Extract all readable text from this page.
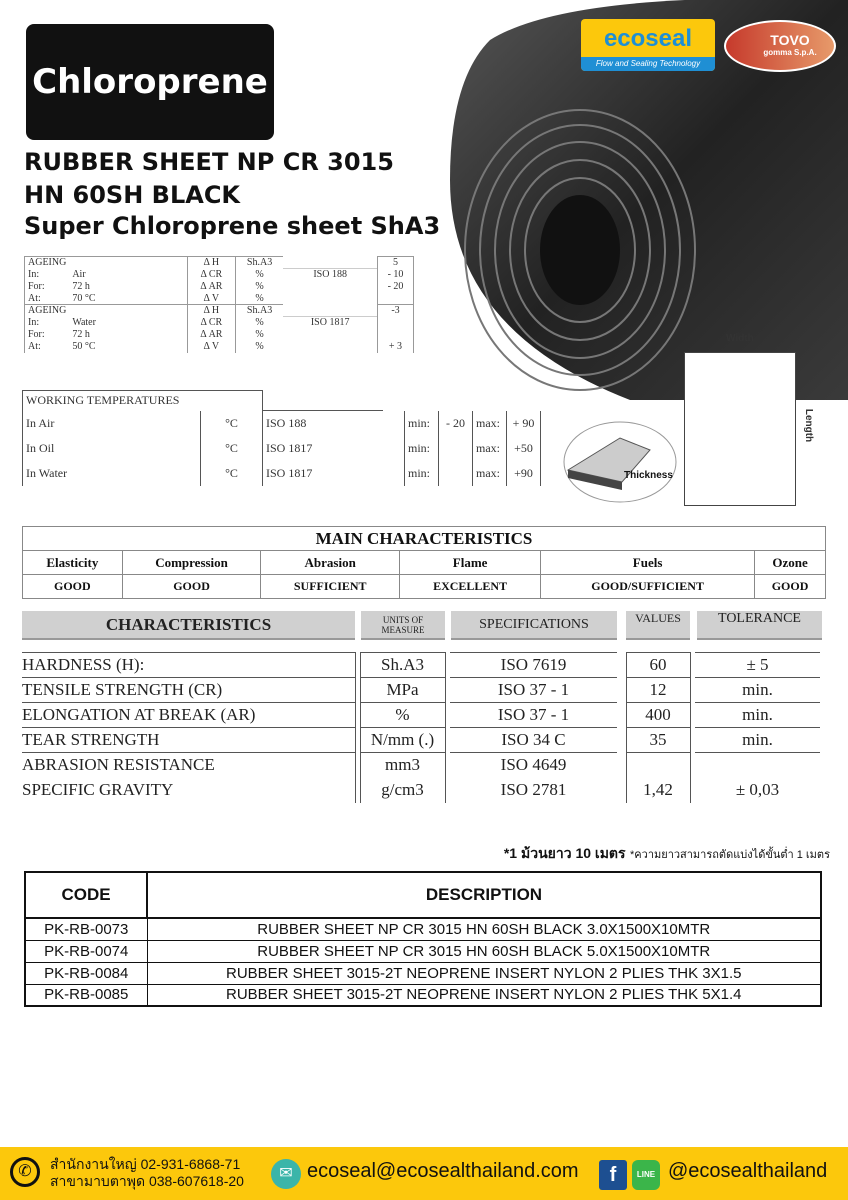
ecoseal
Flow and Sealing Technology
TOVO
gomma S.p.A.
Chloroprene
RUBBER SHEET NP CR 3015
HN 60SH BLACK
Super Chloroprene sheet ShA3
AGEING		Δ H	Sh.A3		5
In:	Air	Δ CR	%	ISO 188	- 10
For:	72 h	Δ AR	%		- 20
At:	70 °C	Δ V	%		
AGEING		Δ H	Sh.A3		-3
In:	Water	Δ CR	%	ISO 1817	
For:	72 h	Δ AR	%		
At:	50 °C	Δ V	%		+ 3
WORKING TEMPERATURES							
In Air	°C	ISO 188		min:	- 20	max:	+ 90
In Oil	°C	ISO 1817		min:		max:	+50
In Water	°C	ISO 1817		min:		max:	+90
Width
Length
Thickness
MAIN CHARACTERISTICS					
Elasticity	Compression	Abrasion	Flame	Fuels	Ozone
GOOD	GOOD	SUFFICIENT	EXCELLENT	GOOD/SUFFICIENT	GOOD
CHARACTERISTICS	UNITS OF MEASURE	SPECIFICATIONS	VALUES	TOLERANCE
HARDNESS (H):		Sh.A3		ISO 7619		60		± 5
TENSILE STRENGTH (CR)		MPa		ISO 37 - 1		12		min.
ELONGATION AT BREAK (AR)		%		ISO 37 - 1		400		min.
TEAR STRENGTH		N/mm (.)		ISO 34 C		35		min.
ABRASION RESISTANCE		mm3		ISO 4649				
SPECIFIC GRAVITY		g/cm3		ISO 2781		1,42		± 0,03
*1 ม้วนยาว 10 เมตร *ความยาวสามารถตัดแบ่งได้ขั้นต่ำ 1 เมตร
CODE	DESCRIPTION
PK-RB-0073	RUBBER SHEET NP CR 3015 HN 60SH BLACK 3.0X1500X10MTR
PK-RB-0074	RUBBER SHEET NP CR 3015 HN 60SH BLACK 5.0X1500X10MTR
PK-RB-0084	RUBBER SHEET 3015-2T NEOPRENE INSERT NYLON 2 PLIES THK 3X1.5
PK-RB-0085	RUBBER SHEET 3015-2T NEOPRENE INSERT NYLON 2 PLIES THK 5X1.4
✆	สำนักงานใหญ่ 02-931-6868-71
สาขามาบตาพุด 038-607618-20	✉ ecoseal@ecosealthailand.com	f	LINE @ecosealthailand
